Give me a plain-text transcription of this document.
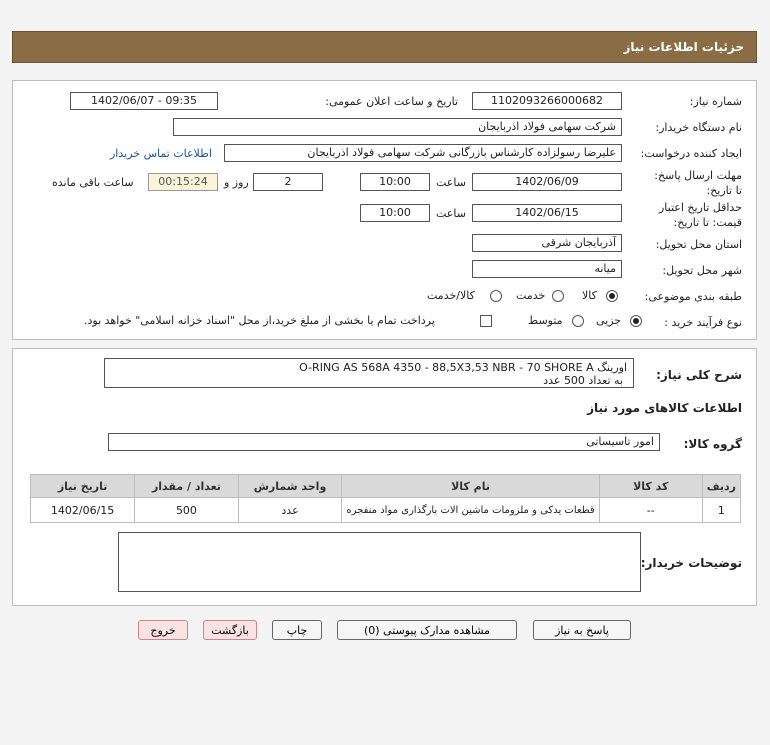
جزئیات اطلاعات نیاز
شماره نیاز:
1102093266000682
تاریخ و ساعت اعلان عمومی:
1402/06/07 - 09:35
نام دستگاه خریدار:
شرکت سهامی فولاد اذربایجان
ایجاد کننده درخواست:
علیرضا رسولزاده کارشناس بازرگانی شرکت سهامی فولاد اذربایجان
اطلاعات تماس خریدار
مهلت ارسال پاسخ: تا تاریخ:
1402/06/09
ساعت
10:00
2
روز و
00:15:24
ساعت باقی مانده
حداقل تاریخ اعتبار قیمت: تا تاریخ:
1402/06/15
ساعت
10:00
استان محل تحویل:
آذربایجان شرقی
شهر محل تحویل:
میانه
طبقه بندی موضوعی:
کالا
خدمت
کالا/خدمت
نوع فرآیند خرید :
جزیی
متوسط
پرداخت تمام یا بخشی از مبلغ خرید،از محل "اسناد خزانه اسلامی" خواهد بود.
شرح کلی نیاز:
اورینگ O-RING AS 568A 4350 - 88,5X3,53 NBR - 70 SHORE A
به تعداد 500 عدد
اطلاعات کالاهای مورد نیاز
گروه کالا:
امور تاسیساتی
ردیف	کد کالا	نام کالا	واحد شمارش	تعداد / مقدار	تاریخ نیاز
1	--	قطعات یدکی و ملزومات ماشین الات بارگذاری مواد منفجره	عدد	500	1402/06/15
توضیحات خریدار:
پاسخ به نیاز
مشاهده مدارک پیوستی (0)
چاپ
بازگشت
خروج
